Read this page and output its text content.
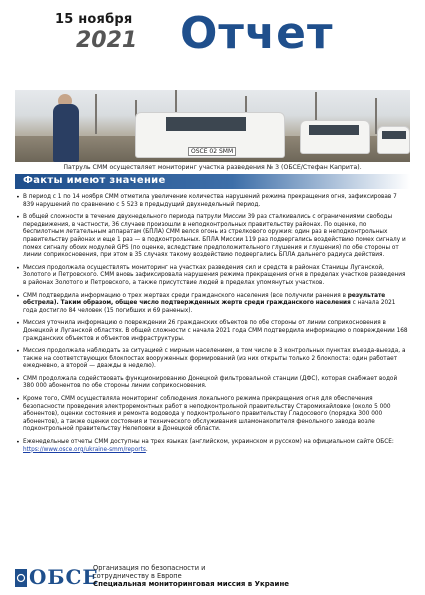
15 ноября
2021 Отчет
OSCE 02 SMM
Патруль СММ осуществляет мониторинг участка разведения № 3 (ОБСЕ/Стефан Каприта).
Факты имеют значение
• В период с 1 по 14 ноября СММ отметила увеличение количества нарушений режима прекращения огня, зафиксировав 7 839 нарушений по сравнению с 5 523 в предыдущий двухнедельный период.
• В общей сложности в течение двухнедельного периода патрули Миссии 39 раз сталкивались с ограничениями свободы передвижения, в частности, 36 случаев произошли в неподконтрольных правительству районах. По оценке, по беспилотным летательным аппаратам (БПЛА) СММ велся огонь из стрелкового оружия: один раз в неподконтрольных правительству районах и еще 1 раз — в подконтрольных. БПЛА Миссии 119 раз подвергались воздействию помех сигналу и помех сигналу обоих модулей GPS (по оценке, вследствие предположительного глушения и глушения) по обе стороны от линии соприкосновения, при этом в 35 случаях такому воздействию подвергались БПЛА дальнего радиуса действия.
• Миссия продолжала осуществлять мониторинг на участках разведения сил и средств в районах Станицы Луганской, Золотого и Петровского. СММ вновь зафиксировала нарушения режима прекращения огня в пределах участков разведения в районах Золотого и Петровского, а также присутствие людей в пределах упомянутых участков.
• СММ подтвердила информацию о трех жертвах среди гражданского населения (все получили ранения в результате обстрела). Таким образом, общее число подтвержденных жертв среди гражданского населения с начала 2021 года достигло 84 человек (15 погибших и 69 раненых).
• Миссия уточнила информацию о повреждении 26 гражданских объектов по обе стороны от линии соприкосновения в Донецкой и Луганской областях. В общей сложности с начала 2021 года СММ подтвердила информацию о повреждении 168 гражданских объектов и объектов инфраструктуры.
• Миссия продолжала наблюдать за ситуацией с мирным населением, в том числе в 3 контрольных пунктах въезда-выезда, а также на соответствующих блокпостах вооруженных формирований (из них открыты только 2 блокпоста: один работает ежедневно, а второй — дважды в неделю).
• СММ продолжала содействовать функционированию Донецкой фильтровальной станции (ДФС), которая снабжает водой 380 000 абонентов по обе стороны линии соприкосновения.
• Кроме того, СММ осуществляла мониторинг соблюдения локального режима прекращения огня для обеспечения безопасности проведения электроремонтных работ в неподконтрольной правительству Старомихайловке (около 5 000 абонентов), оценки состояния и ремонта водовода у подконтрольного правительству Гладосового (порядка 300 000 абонентов), а также оценки состояния и технического обслуживания шламонакопителя фенольного завода возле подконтрольной правительству Нелеповки в Донецкой области.
• Еженедельные отчеты СММ доступны на трех языках (английском, украинском и русском) на официальном сайте ОБСЕ: https://www.osce.org/ukraine-smm/reports.
ОБСЕ
Организация по безопасности и
сотрудничеству в Европе
Специальная мониторинговая миссия в Украине
